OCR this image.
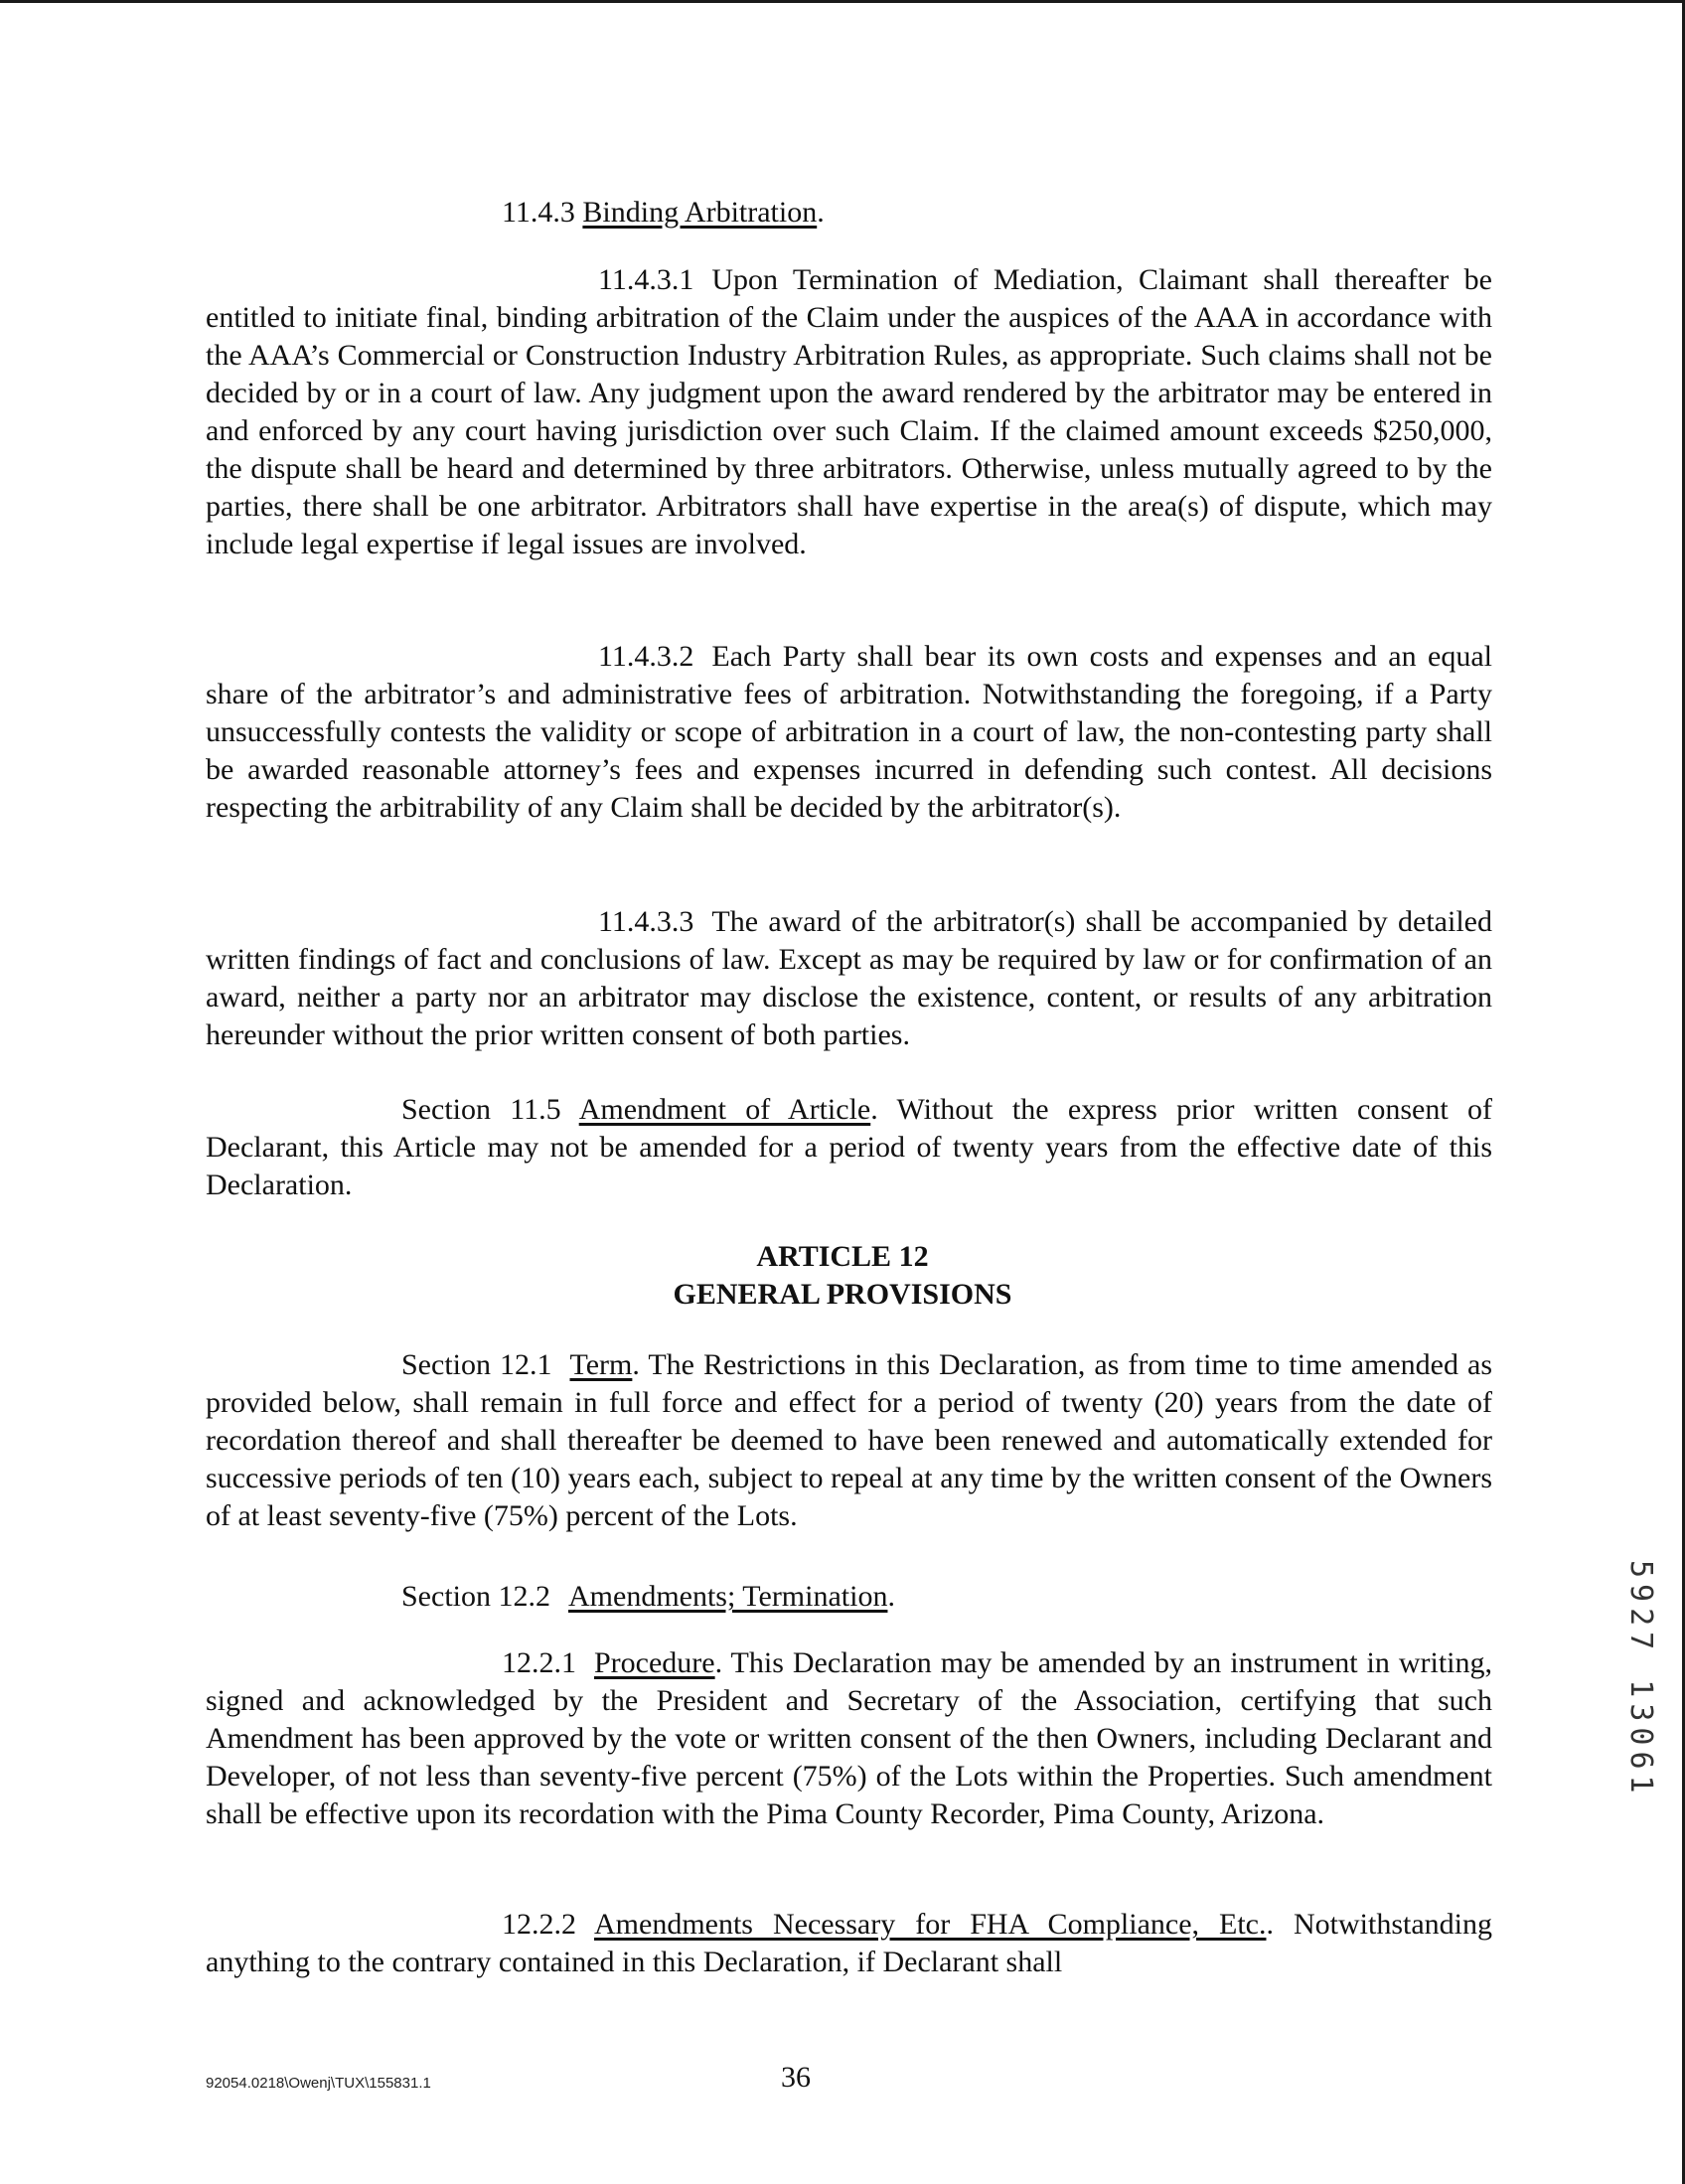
11.4.3 Binding Arbitration.

11.4.3.1 Upon Termination of Mediation, Claimant shall thereafter be entitled to initiate final, binding arbitration of the Claim under the auspices of the AAA in accordance with the AAA’s Commercial or Construction Industry Arbitration Rules, as appropriate. Such claims shall not be decided by or in a court of law. Any judgment upon the award rendered by the arbitrator may be entered in and enforced by any court having jurisdiction over such Claim. If the claimed amount exceeds $250,000, the dispute shall be heard and determined by three arbitrators. Otherwise, unless mutually agreed to by the parties, there shall be one arbitrator. Arbitrators shall have expertise in the area(s) of dispute, which may include legal expertise if legal issues are involved.

11.4.3.2 Each Party shall bear its own costs and expenses and an equal share of the arbitrator’s and administrative fees of arbitration. Notwithstanding the foregoing, if a Party unsuccessfully contests the validity or scope of arbitration in a court of law, the non-contesting party shall be awarded reasonable attorney’s fees and expenses incurred in defending such contest. All decisions respecting the arbitrability of any Claim shall be decided by the arbitrator(s).

11.4.3.3 The award of the arbitrator(s) shall be accompanied by detailed written findings of fact and conclusions of law. Except as may be required by law or for confirmation of an award, neither a party nor an arbitrator may disclose the existence, content, or results of any arbitration hereunder without the prior written consent of both parties.

Section 11.5 Amendment of Article. Without the express prior written consent of Declarant, this Article may not be amended for a period of twenty years from the effective date of this Declaration.

ARTICLE 12

GENERAL PROVISIONS

Section 12.1 Term. The Restrictions in this Declaration, as from time to time amended as provided below, shall remain in full force and effect for a period of twenty (20) years from the date of recordation thereof and shall thereafter be deemed to have been renewed and automatically extended for successive periods of ten (10) years each, subject to repeal at any time by the written consent of the Owners of at least seventy-five (75%) percent of the Lots.

Section 12.2 Amendments; Termination.

12.2.1 Procedure. This Declaration may be amended by an instrument in writing, signed and acknowledged by the President and Secretary of the Association, certifying that such Amendment has been approved by the vote or written consent of the then Owners, including Declarant and Developer, of not less than seventy-five percent (75%) of the Lots within the Properties. Such amendment shall be effective upon its recordation with the Pima County Recorder, Pima County, Arizona.

12.2.2 Amendments Necessary for FHA Compliance, Etc.. Notwithstanding anything to the contrary contained in this Declaration, if Declarant shall

92054.0218\Owenj\TUX\155831.1	36
5927 13061
